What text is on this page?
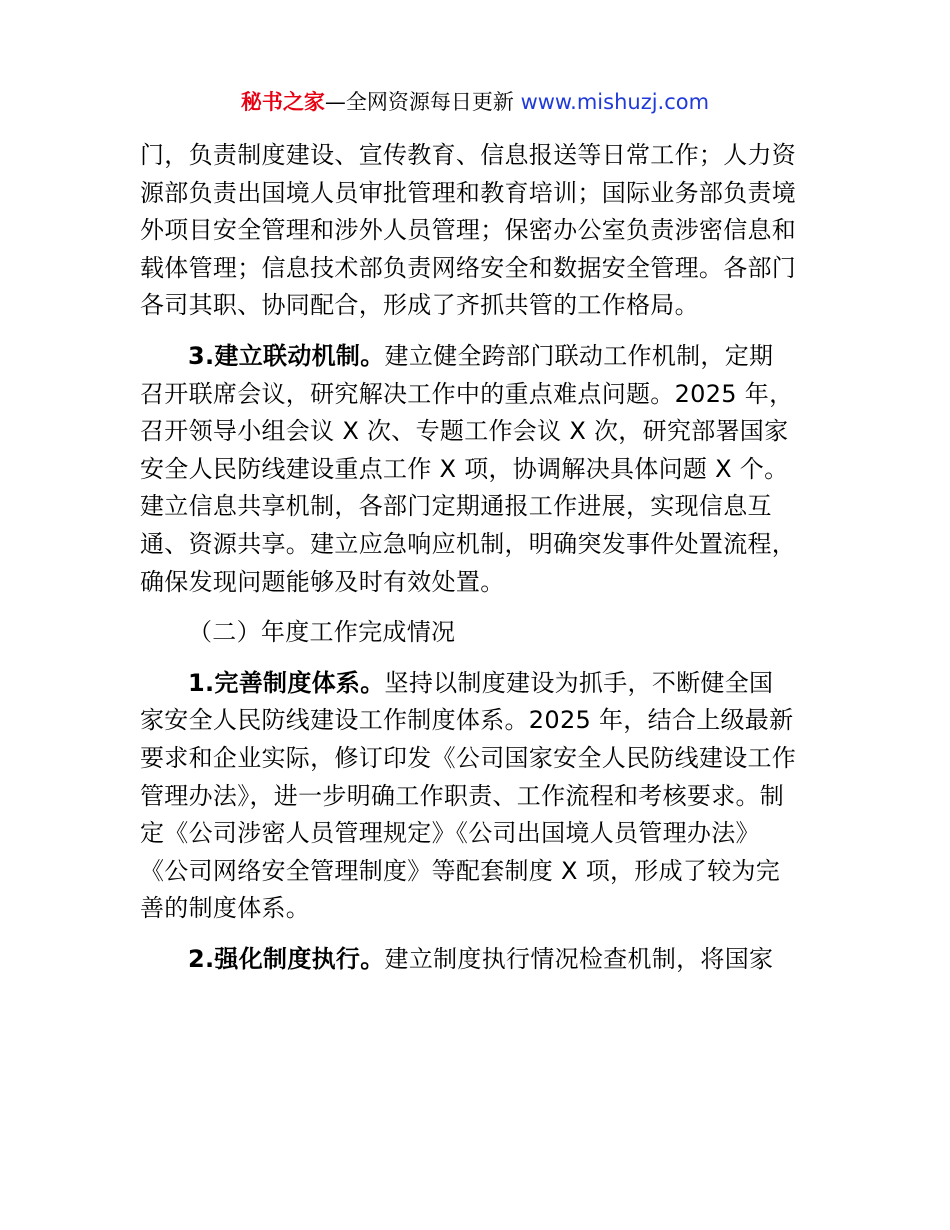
秘书之家—全网资源每日更新 www.mishuzj.com
门，负责制度建设、宣传教育、信息报送等日常工作；人力资
源部负责出国境人员审批管理和教育培训；国际业务部负责境
外项目安全管理和涉外人员管理；保密办公室负责涉密信息和
载体管理；信息技术部负责网络安全和数据安全管理。各部门
各司其职、协同配合，形成了齐抓共管的工作格局。
3.建立联动机制。建立健全跨部门联动工作机制，定期
召开联席会议，研究解决工作中的重点难点问题。2025 年，
召开领导小组会议 X 次、专题工作会议 X 次，研究部署国家
安全人民防线建设重点工作 X 项，协调解决具体问题 X 个。
建立信息共享机制，各部门定期通报工作进展，实现信息互
通、资源共享。建立应急响应机制，明确突发事件处置流程，
确保发现问题能够及时有效处置。
（二）年度工作完成情况
1.完善制度体系。坚持以制度建设为抓手，不断健全国
家安全人民防线建设工作制度体系。2025 年，结合上级最新
要求和企业实际，修订印发《公司国家安全人民防线建设工作
管理办法》，进一步明确工作职责、工作流程和考核要求。制
定《公司涉密人员管理规定》《公司出国境人员管理办法》
《公司网络安全管理制度》等配套制度 X 项，形成了较为完
善的制度体系。
2.强化制度执行。建立制度执行情况检查机制，将国家
